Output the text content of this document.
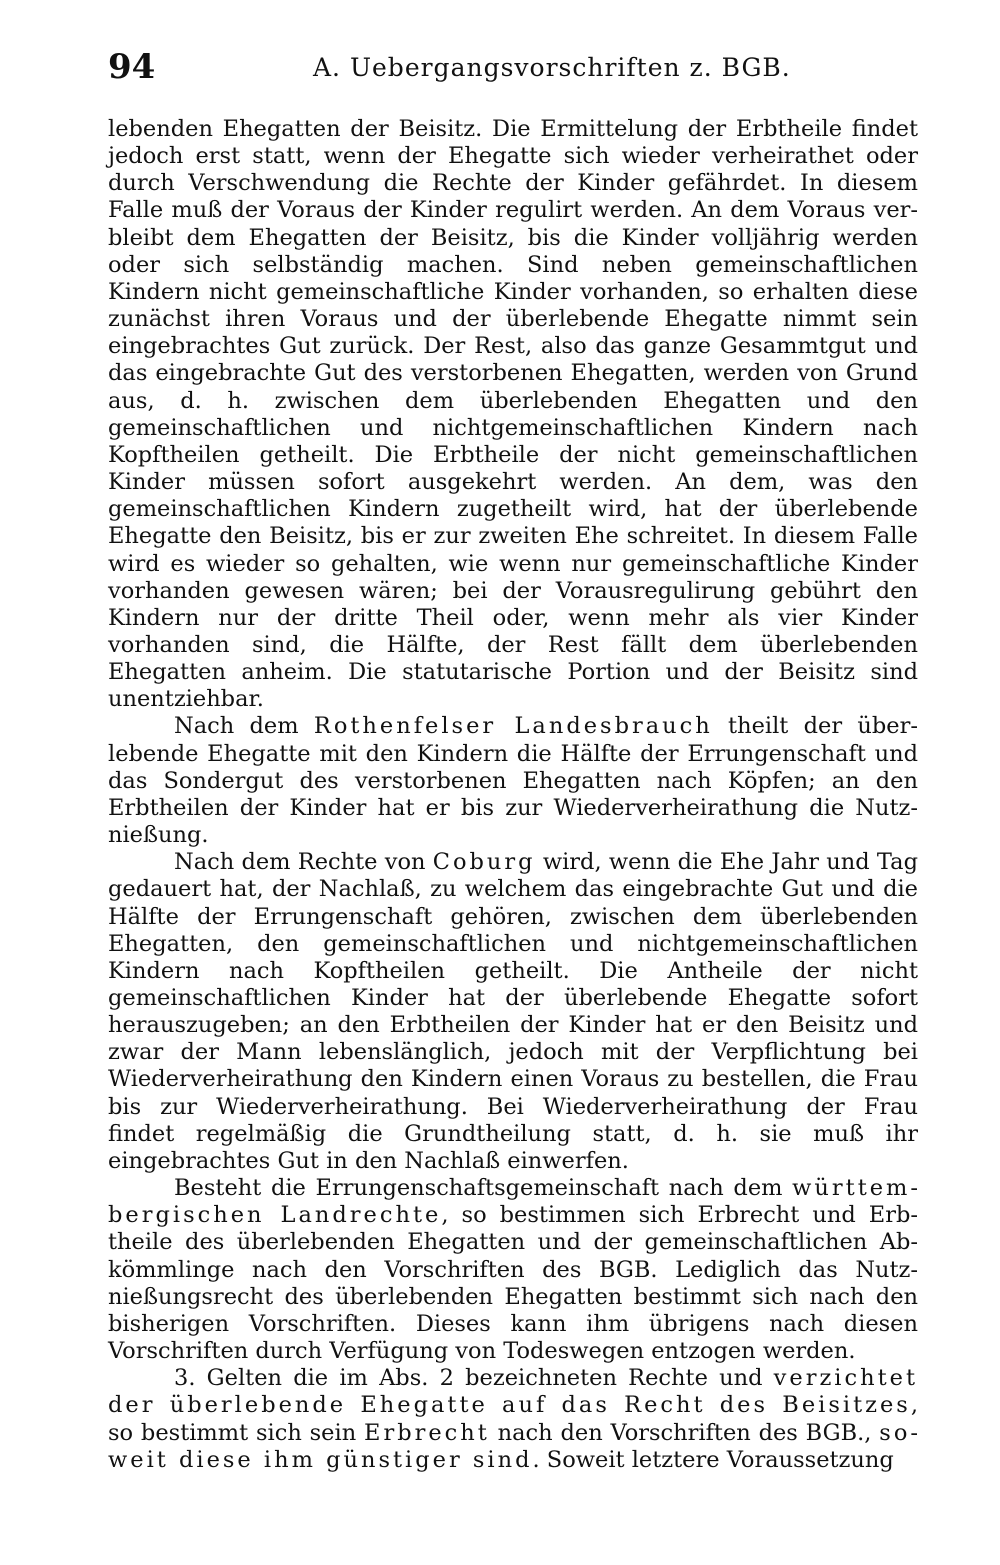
94	A. Uebergangsvorschriften z. BGB.

lebenden Ehegatten der Beisitz. Die Ermittelung der Erbtheile findet jedoch erst statt, wenn der Ehegatte sich wieder verheirathet oder durch Verschwendung die Rechte der Kinder gefährdet. In diesem Falle muß der Voraus der Kinder regulirt werden. An dem Voraus verbleibt dem Ehegatten der Beisitz, bis die Kinder volljährig werden oder sich selbständig machen. Sind neben gemeinschaftlichen Kindern nicht gemeinschaftliche Kinder vorhanden, so erhalten diese zunächst ihren Voraus und der überlebende Ehegatte nimmt sein eingebrachtes Gut zurück. Der Rest, also das ganze Gesammtgut und das eingebrachte Gut des verstorbenen Ehegatten, werden von Grund aus, d. h. zwischen dem überlebenden Ehegatten und den gemeinschaftlichen und nichtgemeinschaftlichen Kindern nach Kopftheilen getheilt. Die Erbtheile der nicht gemeinschaftlichen Kinder müssen sofort ausgekehrt werden. An dem, was den gemeinschaftlichen Kindern zugetheilt wird, hat der überlebende Ehegatte den Beisitz, bis er zur zweiten Ehe schreitet. In diesem Falle wird es wieder so gehalten, wie wenn nur gemeinschaftliche Kinder vorhanden gewesen wären; bei der Vorausregulirung gebührt den Kindern nur der dritte Theil oder, wenn mehr als vier Kinder vorhanden sind, die Hälfte, der Rest fällt dem überlebenden Ehegatten anheim. Die statutarische Portion und der Beisitz sind unentziehbar.

Nach dem Rothenfelser Landesbrauch theilt der überlebende Ehegatte mit den Kindern die Hälfte der Errungenschaft und das Sondergut des verstorbenen Ehegatten nach Köpfen; an den Erbtheilen der Kinder hat er bis zur Wiederverheirathung die Nutznießung.

Nach dem Rechte von Coburg wird, wenn die Ehe Jahr und Tag gedauert hat, der Nachlaß, zu welchem das eingebrachte Gut und die Hälfte der Errungenschaft gehören, zwischen dem überlebenden Ehegatten, den gemeinschaftlichen und nichtgemeinschaftlichen Kindern nach Kopftheilen getheilt. Die Antheile der nicht gemeinschaftlichen Kinder hat der überlebende Ehegatte sofort herauszugeben; an den Erbtheilen der Kinder hat er den Beisitz und zwar der Mann lebenslänglich, jedoch mit der Verpflichtung bei Wiederverheirathung den Kindern einen Voraus zu bestellen, die Frau bis zur Wiederverheirathung. Bei Wiederverheirathung der Frau findet regelmäßig die Grundtheilung statt, d. h. sie muß ihr eingebrachtes Gut in den Nachlaß einwerfen.

Besteht die Errungenschaftsgemeinschaft nach dem württembergischen Landrechte, so bestimmen sich Erbrecht und Erbtheile des überlebenden Ehegatten und der gemeinschaftlichen Abkömmlinge nach den Vorschriften des BGB. Lediglich das Nutznießungsrecht des überlebenden Ehegatten bestimmt sich nach den bisherigen Vorschriften. Dieses kann ihm übrigens nach diesen Vorschriften durch Verfügung von Todeswegen entzogen werden.

3. Gelten die im Abs. 2 bezeichneten Rechte und verzichtet der überlebende Ehegatte auf das Recht des Beisitzes, so bestimmt sich sein Erbrecht nach den Vorschriften des BGB., soweit diese ihm günstiger sind. Soweit letztere Voraussetzung
